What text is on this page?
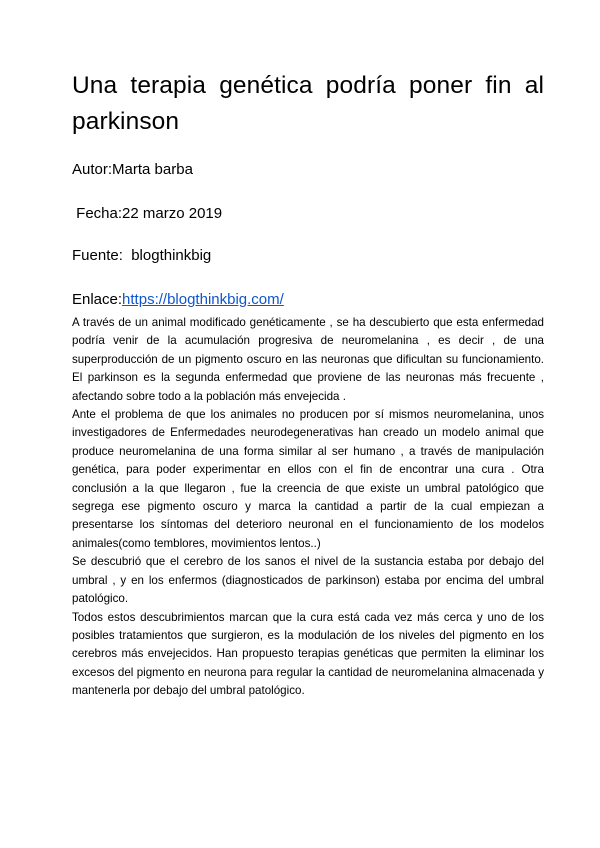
Una terapia genética podría poner fin al parkinson

Autor:Marta barba

Fecha:22 marzo 2019

Fuente:  blogthinkbig

Enlace:https://blogthinkbig.com/

A través de un animal modificado genéticamente , se ha descubierto que esta enfermedad podría venir de la acumulación progresiva de neuromelanina , es decir , de una superproducción de un pigmento oscuro en las neuronas que dificultan su funcionamiento. El parkinson es la segunda enfermedad que proviene de las neuronas más frecuente , afectando sobre todo a la población más envejecida .

Ante el problema de que los animales no producen por sí mismos neuromelanina, unos investigadores de Enfermedades neurodegenerativas han creado un modelo animal que produce neuromelanina de una forma similar al ser humano , a través de manipulación genética, para poder experimentar en ellos con el fin de encontrar una cura . Otra conclusión a la que llegaron , fue la creencia de que existe un umbral patológico que segrega ese pigmento oscuro y marca la cantidad a partir de la cual empiezan a presentarse los síntomas del deterioro neuronal en el funcionamiento de los modelos animales(como temblores, movimientos lentos..)

Se descubrió que el cerebro de los sanos el nivel de la sustancia estaba por debajo del umbral , y en los enfermos (diagnosticados de parkinson) estaba por encima del umbral patológico.

Todos estos descubrimientos marcan que la cura está cada vez más cerca y uno de los posibles tratamientos que surgieron, es la modulación de los niveles del pigmento en los cerebros más envejecidos. Han propuesto terapias genéticas que permiten la eliminar los excesos del pigmento en neurona para regular la cantidad de neuromelanina almacenada y mantenerla por debajo del umbral patológico.
